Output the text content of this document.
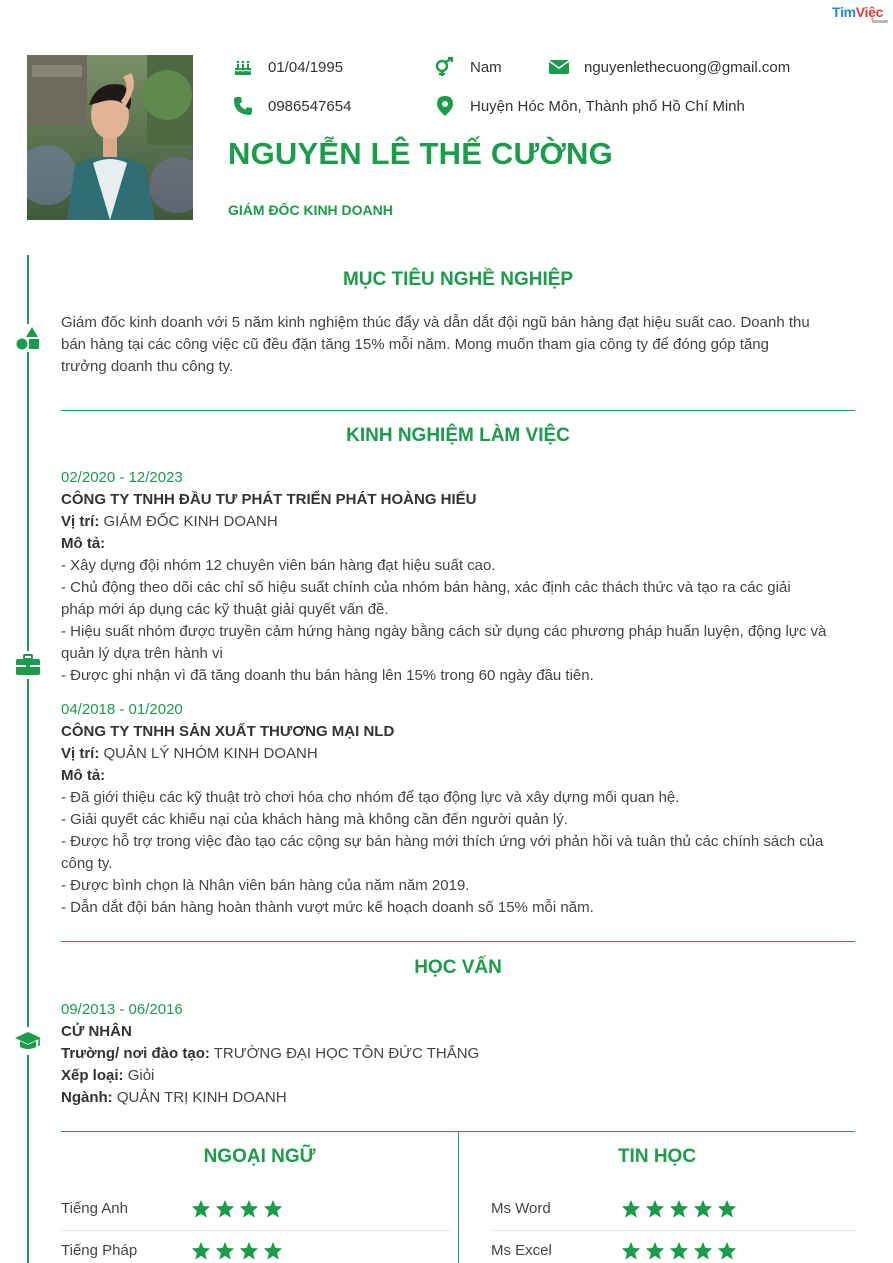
TimViệc
01/04/1995	Nam	nguyenlethecuong@gmail.com
0986547654	Huyện Hóc Môn, Thành phố Hồ Chí Minh
NGUYỄN LÊ THẾ CƯỜNG
GIÁM ĐỐC KINH DOANH
MỤC TIÊU NGHỀ NGHIỆP
Giám đốc kinh doanh với 5 năm kinh nghiệm thúc đẩy và dẫn dắt đội ngũ bán hàng đạt hiệu suất cao. Doanh thu
bán hàng tại các công việc cũ đều đặn tăng 15% mỗi năm. Mong muốn tham gia công ty để đóng góp tăng
trưởng doanh thu công ty.
KINH NGHIỆM LÀM VIỆC
02/2020 - 12/2023
CÔNG TY TNHH ĐẦU TƯ PHÁT TRIỂN PHÁT HOÀNG HIẾU
Vị trí: GIÁM ĐỐC KINH DOANH
Mô tả:
- Xây dựng đội nhóm 12 chuyên viên bán hàng đạt hiệu suất cao.
- Chủ động theo dõi các chỉ số hiệu suất chính của nhóm bán hàng, xác định các thách thức và tạo ra các giải
pháp mới áp dụng các kỹ thuật giải quyết vấn đề.
- Hiệu suất nhóm được truyền cảm hứng hàng ngày bằng cách sử dụng các phương pháp huấn luyện, động lực và
quản lý dựa trên hành vi
- Được ghi nhận vì đã tăng doanh thu bán hàng lên 15% trong 60 ngày đầu tiên.
04/2018 - 01/2020
CÔNG TY TNHH SẢN XUẤT THƯƠNG MẠI NLD
Vị trí: QUẢN LÝ NHÓM KINH DOANH
Mô tả:
- Đã giới thiệu các kỹ thuật trò chơi hóa cho nhóm để tạo động lực và xây dựng mối quan hệ.
- Giải quyết các khiếu nại của khách hàng mà không cần đến người quản lý.
- Được hỗ trợ trong việc đào tạo các cộng sự bán hàng mới thích ứng với phản hồi và tuân thủ các chính sách của
công ty.
- Được bình chọn là Nhân viên bán hàng của năm năm 2019.
- Dẫn dắt đội bán hàng hoàn thành vượt mức kế hoạch doanh số 15% mỗi năm.
HỌC VẤN
09/2013 - 06/2016
CỬ NHÂN
Trường/ nơi đào tạo: TRƯỜNG ĐẠI HỌC TÔN ĐỨC THẮNG
Xếp loại: Giỏi
Ngành: QUẢN TRỊ KINH DOANH
NGOẠI NGỮ
Tiếng Anh
Tiếng Pháp
TIN HỌC
Ms Word
Ms Excel
